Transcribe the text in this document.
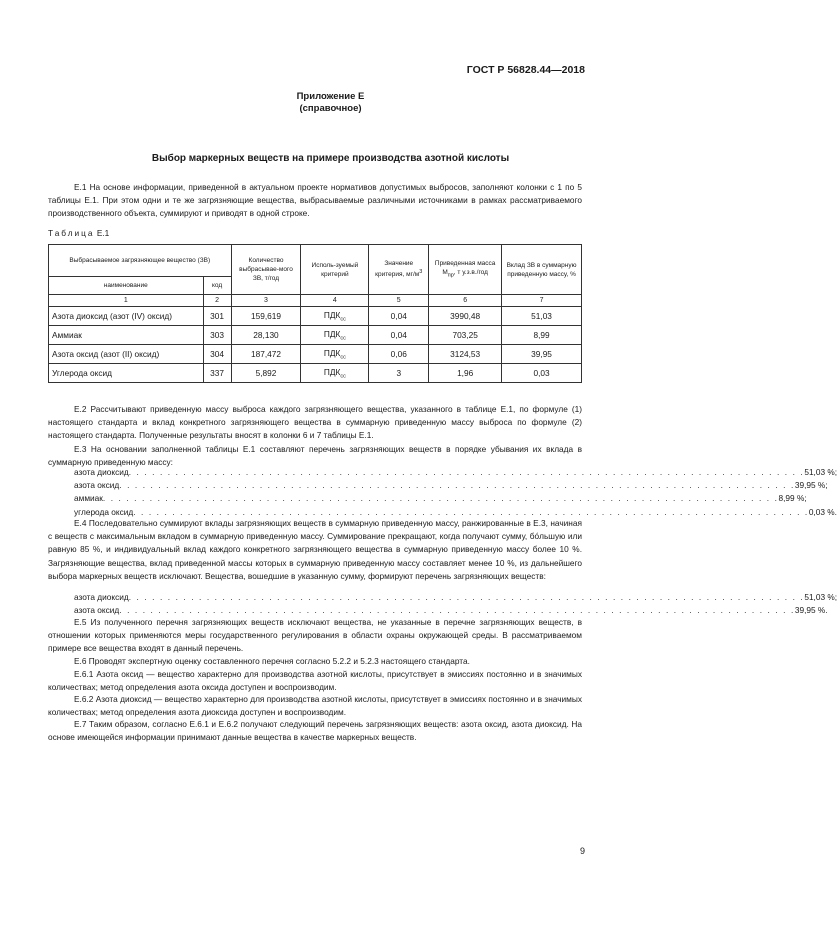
ГОСТ Р 56828.44—2018
Приложение Е
(справочное)
Выбор маркерных веществ на примере производства азотной кислоты

Е.1 На основе информации, приведенной в актуальном проекте нормативов допустимых выбросов, заполняют колонки с 1 по 5 таблицы Е.1. При этом одни и те же загрязняющие вещества, выбрасываемые различными источниками в рамках рассматриваемого производственного объекта, суммируют и приводят в одной строке.

Таблица Е.1
Выбрасываемое загрязняющее вещество (ЗВ)		Количество выбрасывае-мого ЗВ, т/год	Исполь-зуемый критерий	Значение критерия, $мг/м^3$	Приведенная масса $М_{пр}$, т у.з.в./год	Вклад ЗВ в суммарную приведенную массу, %
наименование	код					
1	2	3	4	5	6	7
Азота диоксид (азот (IV) оксид)	301	159,619	$ПДК_{сс}$	0,04	3990,48	51,03
Аммиак	303	28,130	$ПДК_{сс}$	0,04	703,25	8,99
Азота оксид (азот (II) оксид)	304	187,472	$ПДК_{сс}$	0,06	3124,53	39,95
Углерода оксид	337	5,892	$ПДК_{сс}$	3	1,96	0,03

Е.2 Рассчитывают приведенную массу выброса каждого загрязняющего вещества, указанного в таблице Е.1, по формуле (1) настоящего стандарта и вклад конкретного загрязняющего вещества в суммарную приведенную массу выброса по формуле (2) настоящего стандарта. Полученные результаты вносят в колонки 6 и 7 таблицы Е.1.

Е.3 На основании заполненной таблицы Е.1 составляют перечень загрязняющих веществ в порядке убывания их вклада в суммарную приведенную массу:

азота диоксид . . . . . . . . . . . . . . . . . . . . . . . . . . . . . . . . . . . . . . . . . . . . . . . . . . . . . . . . . . . . . . . . . . . . . . . . . . . . . . . . . . . . . . . 51,03 %;
азота оксид . . . . . . . . . . . . . . . . . . . . . . . . . . . . . . . . . . . . . . . . . . . . . . . . . . . . . . . . . . . . . . . . . . . . . . . . . . . . . . . . . . . . . . . 39,95 %;
аммиак . . . . . . . . . . . . . . . . . . . . . . . . . . . . . . . . . . . . . . . . . . . . . . . . . . . . . . . . . . . . . . . . . . . . . . . . . . . . . . . . . . . . . . . 8,99 %;
углерода оксид . . . . . . . . . . . . . . . . . . . . . . . . . . . . . . . . . . . . . . . . . . . . . . . . . . . . . . . . . . . . . . . . . . . . . . . . . . . . . . . . . . . . . . . 0,03 %.

Е.4 Последовательно суммируют вклады загрязняющих веществ в суммарную приведенную массу, ранжированные в Е.3, начиная с веществ с максимальным вкладом в суммарную приведенную массу. Суммирование прекращают, когда получают сумму, бо́льшую или равную 85 %, и индивидуальный вклад каждого конкретного загрязняющего вещества в суммарную приведенную массу более 10 %. Загрязняющие вещества, вклад приведенной массы которых в суммарную приведенную массу составляет менее 10 %, из дальнейшего выбора маркерных веществ исключают. Вещества, вошедшие в указанную сумму, формируют перечень загрязняющих веществ:

азота диоксид . . . . . . . . . . . . . . . . . . . . . . . . . . . . . . . . . . . . . . . . . . . . . . . . . . . . . . . . . . . . . . . . . . . . . . . . . . . . . . . . . . . . . . . 51,03 %;
азота оксид . . . . . . . . . . . . . . . . . . . . . . . . . . . . . . . . . . . . . . . . . . . . . . . . . . . . . . . . . . . . . . . . . . . . . . . . . . . . . . . . . . . . . . . 39,95 %.

Е.5 Из полученного перечня загрязняющих веществ исключают вещества, не указанные в перечне загрязняющих веществ, в отношении которых применяются меры государственного регулирования в области охраны окружающей среды. В рассматриваемом примере все вещества входят в данный перечень.

Е.6 Проводят экспертную оценку составленного перечня согласно 5.2.2 и 5.2.3 настоящего стандарта.

Е.6.1 Азота оксид — вещество характерно для производства азотной кислоты, присутствует в эмиссиях постоянно и в значимых количествах; метод определения азота оксида доступен и воспроизводим.

Е.6.2 Азота диоксид — вещество характерно для производства азотной кислоты, присутствует в эмиссиях постоянно и в значимых количествах; метод определения азота диоксида доступен и воспроизводим.

Е.7 Таким образом, согласно Е.6.1 и Е.6.2 получают следующий перечень загрязняющих веществ: азота оксид, азота диоксид. На основе имеющейся информации принимают данные вещества в качестве маркерных веществ.

9
